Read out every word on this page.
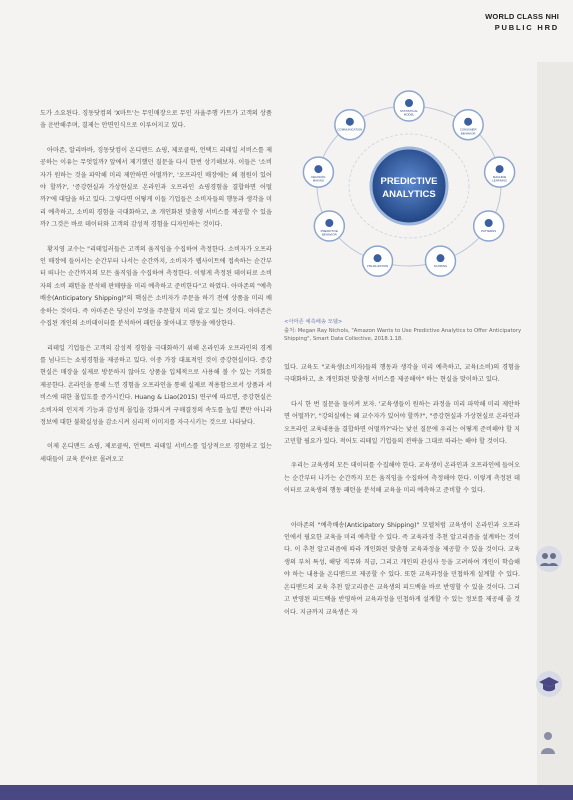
WORLD CLASS NHI
PUBLIC HRD
PREDICTIVE
ANALYTICS
STATISTICAL
MODEL
CONSUMER
BEHAVIOR
MACHINE
LEARNING
PATTERNS
SCORING
VISUALIZATION
PREDICTIVE
BEHAVIOR
DECISION
MAKING
COMMUNICATION
<아마존 예측배송 모델>
출처: Megan Ray Nichols, "Amazon Wants to Use Predictive Analytics to Offer Anticipatory Shipping", Smart Data Collective, 2018.1.18.

도가 소요된다. 징동닷컴의 'X마트'는 무인매장으로 무인 자율주행 카트가 고객의 상품을 운반해주며, 결제는 안면인식으로 이루어지고 있다.

아마존, 알리바바, 징동닷컴이 온디맨드 쇼핑, 제로클릭, 언택드 리테일 서비스를 제공하는 이유는 무엇일까? 앞에서 제기했던 질문을 다시 한번 상기해보자. 이들은 '소비자가 원하는 것을 파악해 미리 제안하면 어떨까?', '오프라인 매장에는 왜 점원이 있어야 할까?', '증강현실과 가상현실로 온라인과 오프라인 쇼핑경험을 결합하면 어떨까?'에 대답을 하고 있다. 그렇다면 어떻게 이들 기업들은 소비자들의 행동과 생각을 미리 예측하고, 소비의 경험을 극대화하고, 초 개인화된 맞춤형 서비스를 제공할 수 있을까? 그것은 바로 데이터와 고객의 감성적 경험을 디자인하는 것이다.

황지영 교수는 "리테일러들은 고객의 움직임을 수집하여 측정한다. 소비자가 오프라인 매장에 들어서는 순간부터 나서는 순간까지, 소비자가 웹사이트에 접속하는 순간부터 떠나는 순간까지의 모든 움직임을 수집하여 측정한다. 이렇게 측정된 데이터로 소비자의 소비 패턴을 분석해 판매량을 미리 예측하고 준비한다"고 하였다. 아마존의 "예측배송(Anticipatory Shipping)"의 핵심은 소비자가 주문을 하기 전에 상품을 미리 배송하는 것이다. 즉 아마존은 당신이 무엇을 주문할지 미리 알고 있는 것이다. 아마존은 수집된 개인의 소비데이터를 분석하여 패턴을 찾아내고 행동을 예상한다.

리테일 기업들은 고객의 감성적 경험을 극대화하기 위해 온라인과 오프라인의 경계를 넘나드는 쇼핑경험을 제공하고 있다. 이중 가장 대표적인 것이 증강현실이다. 증강현실은 매장을 실제로 방문하지 않아도 상품을 입체적으로 사용해 볼 수 있는 기회를 제공한다. 온라인을 통해 느낀 경험을 오프라인을 통해 실제로 적용함으로서 상품과 서비스에 대한 몰입도를 증가시킨다. Huang & Liao(2015) 연구에 따르면, 증강현실은 소비자의 인지적 기능과 감성적 몰입을 강화시켜 구매결정의 속도를 높일 뿐만 아니라 정보에 대한 불확실성을 감소시켜 심리적 이미지를 자극시키는 것으로 나타났다.

이제 온디맨드 쇼핑, 제로클릭, 언택트 리테일 서비스를 일상적으로 경험하고 있는 세대들이 교육 분야로 몰려오고

있다. 교육도 "교육생(소비자)들의 행동과 생각을 미리 예측하고, 교육(소비)의 경험을 극대화하고, 초 개인화된 맞춤형 서비스를 제공해야" 하는 현실을 맞이하고 있다.

다시 한 번 질문을 돌이켜 보자. '교육생들이 원하는 과정을 미리 파악해 미리 제안하면 어떨까?', "강의실에는 왜 교수자가 있어야 할까?", "증강현실과 가상현실로 온라인과 오프라인 교육내용을 결합하면 어떨까?"라는 낯선 질문에 우리는 어떻게 준비해야 할 지 고민할 필요가 있다. 적어도 리테일 기업들의 전략을 그대로 따라는 해야 할 것이다.

우리는 교육생의 모든 데이터를 수집해야 한다. 교육생이 온라인과 오프라인에 들어오는 순간부터 나가는 순간까지 모든 움직임을 수집하여 측정해야 한다. 이렇게 측정된 데이터로 교육생의 행동 패턴을 분석해 교육을 미리 예측하고 준비할 수 있다.

아마존의 "예측배송(Anticipatory Shipping)" 모델처럼 교육생이 온라인과 오프라인에서 필요한 교육을 미리 예측할 수 있다. 즉 교육과정 추천 알고리즘을 설계하는 것이다. 이 추천 알고리즘에 따라 개인화된 맞춤형 교육과정을 제공할 수 있을 것이다. 교육생의 부처 특성, 해당 직무와 직급, 그리고 개인의 관심사 등을 고려하여 개인이 학습해야 하는 내용을 온디맨드로 제공할 수 있다. 또한 교육과정을 민첩하게 설계할 수 있다. 온디맨드의 교육 추천 알고리즘은 교육생의 피드백을 바로 반영할 수 있을 것이다. 그리고 반영된 피드백을 반영하여 교육과정을 민첩하게 설계할 수 있는 정보를 제공해 줄 것이다. 지금까지 교육생은 자
